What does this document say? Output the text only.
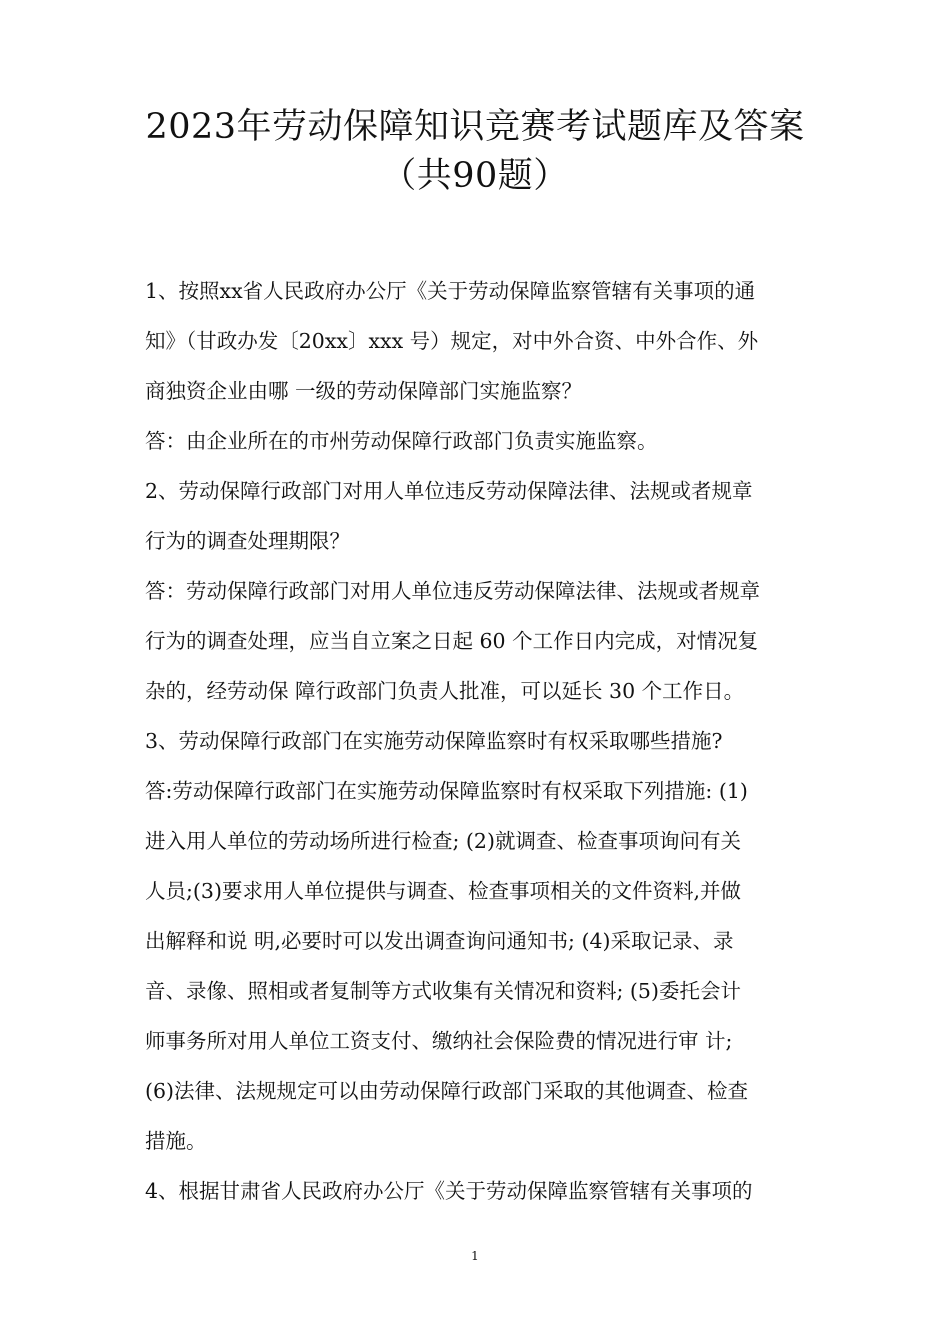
2023年劳动保障知识竞赛考试题库及答案
（共90题）
1、按照xx省人民政府办公厅《关于劳动保障监察管辖有关事项的通
知》（甘政办发〔20xx〕xxx 号）规定，对中外合资、中外合作、外
商独资企业由哪 一级的劳动保障部门实施监察？
答：由企业所在的市州劳动保障行政部门负责实施监察。
2、劳动保障行政部门对用人单位违反劳动保障法律、法规或者规章
行为的调查处理期限？
答：劳动保障行政部门对用人单位违反劳动保障法律、法规或者规章
行为的调查处理，应当自立案之日起 60 个工作日内完成，对情况复
杂的，经劳动保 障行政部门负责人批准，可以延长 30 个工作日。
3、劳动保障行政部门在实施劳动保障监察时有权采取哪些措施?
答:劳动保障行政部门在实施劳动保障监察时有权采取下列措施: (1)
进入用人单位的劳动场所进行检查; (2)就调查、检查事项询问有关
人员;(3)要求用人单位提供与调查、检查事项相关的文件资料,并做
出解释和说 明,必要时可以发出调查询问通知书; (4)采取记录、录
音、录像、照相或者复制等方式收集有关情况和资料; (5)委托会计
师事务所对用人单位工资支付、缴纳社会保险费的情况进行审 计;
(6)法律、法规规定可以由劳动保障行政部门采取的其他调查、检查
措施。
4、根据甘肃省人民政府办公厅《关于劳动保障监察管辖有关事项的
1
